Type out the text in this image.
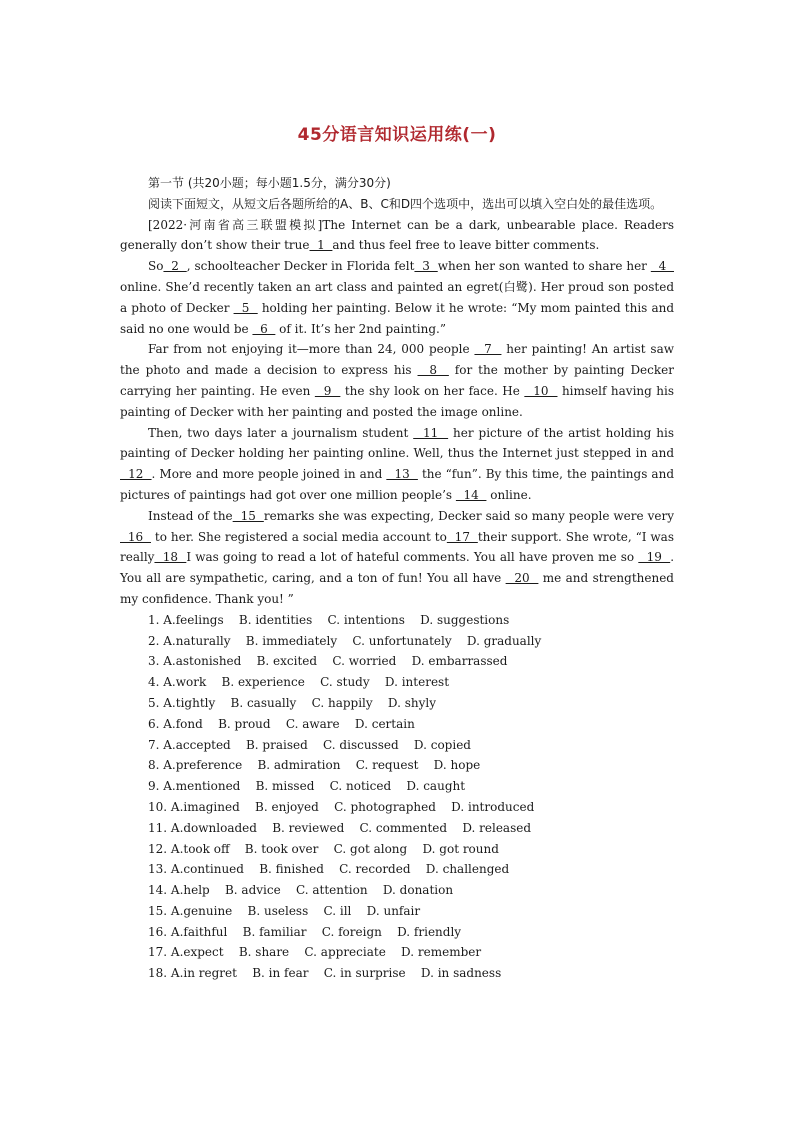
45分语言知识运用练(一)

第一节 (共20小题；每小题1.5分，满分30分)

阅读下面短文，从短文后各题所给的A、B、C和D四个选项中，选出可以填入空白处的最佳选项。

[2022·河南省高三联盟模拟]The Internet can be a dark, unbearable place. Readers generally don’t show their true  1  and thus feel free to leave bitter comments.

So  2  , schoolteacher Decker in Florida felt  3  when her son wanted to share her   4   online. She’d recently taken an art class and painted an egret(白鹭). Her proud son posted a photo of Decker   5   holding her painting. Below it he wrote: “My mom painted this and said no one would be   6   of it. It’s her 2nd painting.”

Far from not enjoying it—more than 24, 000 people   7   her painting! An artist saw the photo and made a decision to express his   8   for the mother by painting Decker carrying her painting. He even   9   the shy look on her face. He   10   himself having his painting of Decker with her painting and posted the image online.

Then, two days later a journalism student   11   her picture of the artist holding his painting of Decker holding her painting online. Well, thus the Internet just stepped in and   12  . More and more people joined in and   13   the “fun”. By this time, the paintings and pictures of paintings had got over one million people’s   14   online.

Instead of the  15  remarks she was expecting, Decker said so many people were very   16   to her. She registered a social media account to  17  their support. She wrote, “I was really  18  I was going to read a lot of hateful comments. You all have proven me so   19  . You all are sympathetic, caring, and a ton of fun! You all have   20   me and strengthened my confidence. Thank you! ”

1. A.feelings    B. identities    C. intentions    D. suggestions

2. A.naturally    B. immediately    C. unfortunately    D. gradually

3. A.astonished    B. excited    C. worried    D. embarrassed

4. A.work    B. experience    C. study    D. interest

5. A.tightly    B. casually    C. happily    D. shyly

6. A.fond    B. proud    C. aware    D. certain

7. A.accepted    B. praised    C. discussed    D. copied

8. A.preference    B. admiration    C. request    D. hope

9. A.mentioned    B. missed    C. noticed    D. caught

10. A.imagined    B. enjoyed    C. photographed    D. introduced

11. A.downloaded    B. reviewed    C. commented    D. released

12. A.took off    B. took over    C. got along    D. got round

13. A.continued    B. finished    C. recorded    D. challenged

14. A.help    B. advice    C. attention    D. donation

15. A.genuine    B. useless    C. ill    D. unfair

16. A.faithful    B. familiar    C. foreign    D. friendly

17. A.expect    B. share    C. appreciate    D. remember

18. A.in regret    B. in fear    C. in surprise    D. in sadness
